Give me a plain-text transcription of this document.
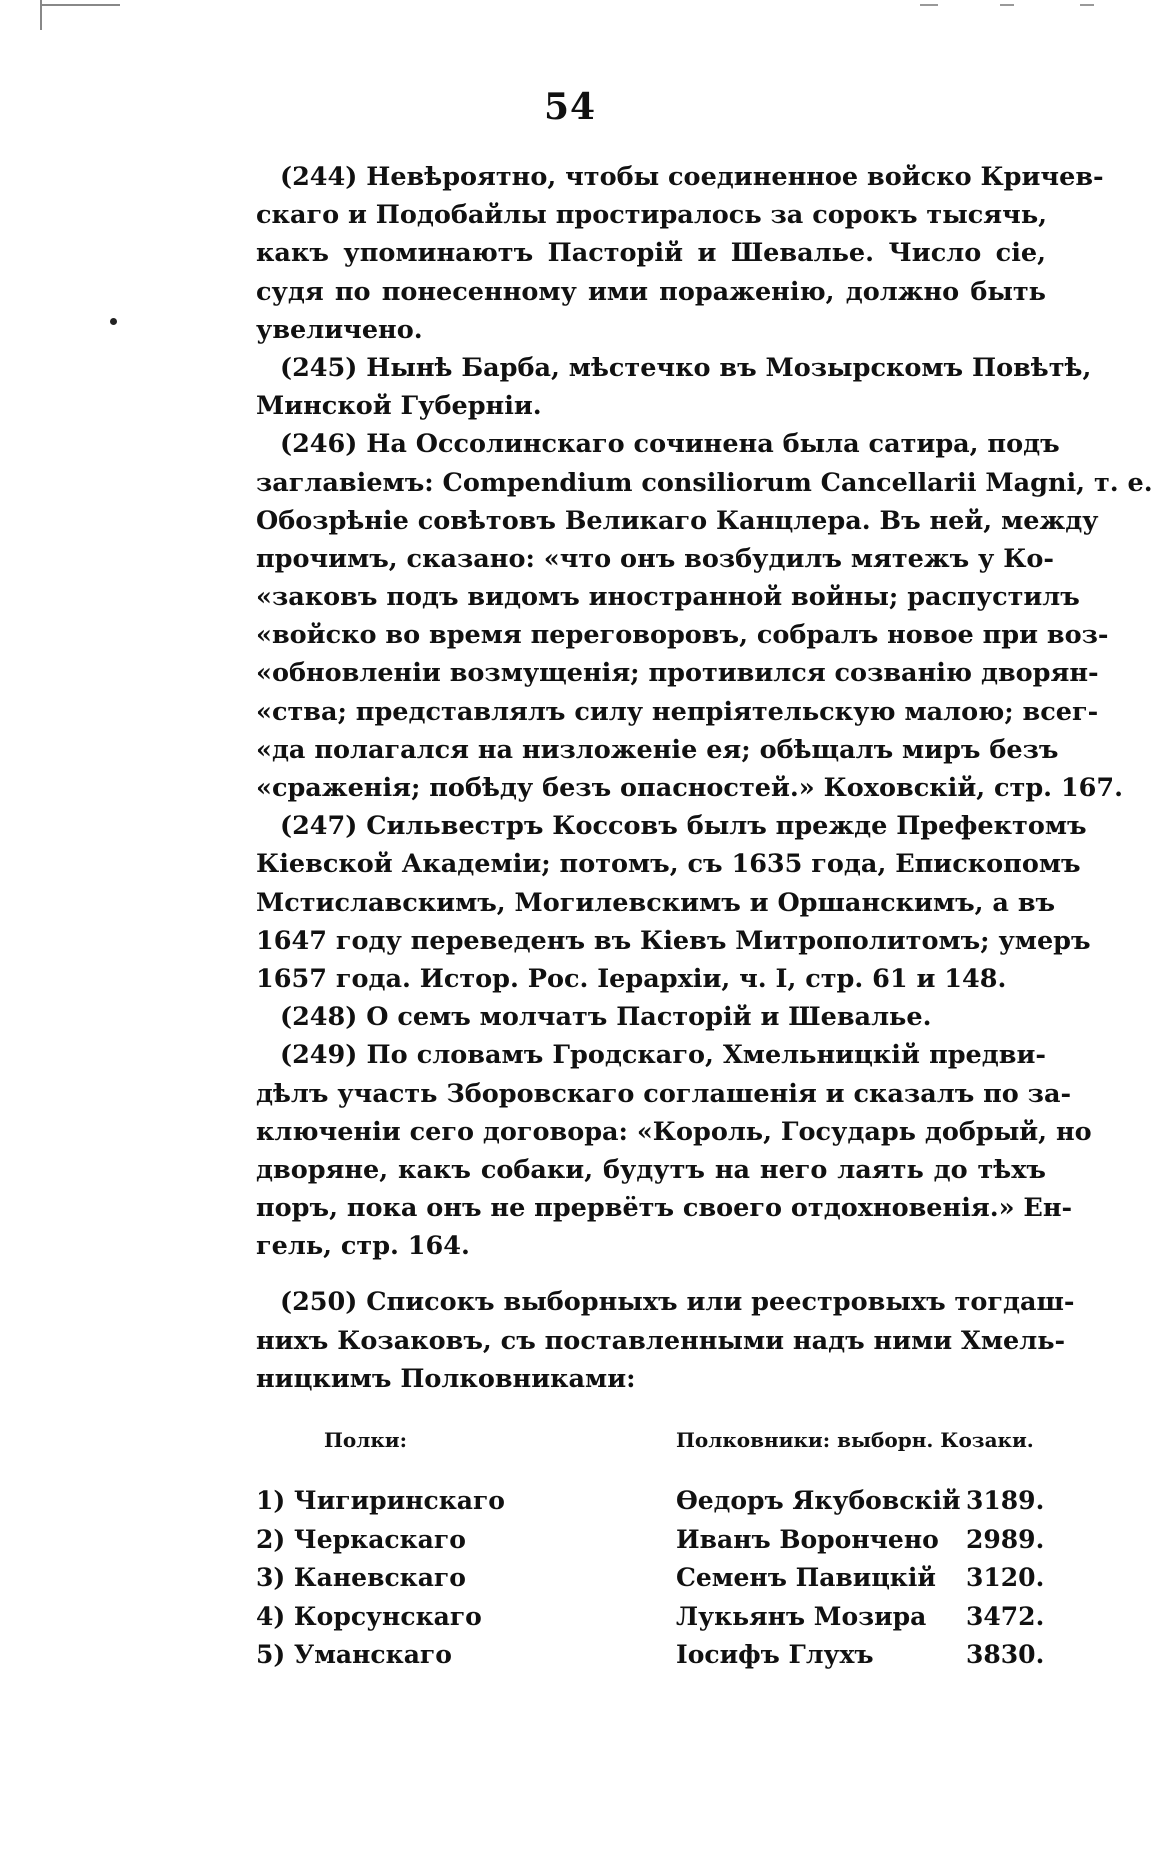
54
(244) Невѣроятно, чтобы соединенное войско Кричев-
скаго и Подобайлы простиралось за сорокъ тысячь,
какъ упоминаютъ Пасторій и Шевалье. Число сіе,
судя по понесенному ими пораженію, должно быть
увеличено.
(245) Нынѣ Барба, мѣстечко въ Мозырскомъ Повѣтѣ,
Минской Губерніи.
(246) На Оссолинскаго сочинена была сатира, подъ
заглавіемъ: Compendium consiliorum Cancellarii Magni, т. е.
Обозрѣніе совѣтовъ Великаго Канцлера. Въ ней, между
прочимъ, сказано: «что онъ возбудилъ мятежъ у Ко-
«заковъ подъ видомъ иностранной войны; распустилъ
«войско во время переговоровъ, собралъ новое при воз-
«обновленіи возмущенія; противился созванію дворян-
«ства; представлялъ силу непріятельскую малою; всег-
«да полагался на низложеніе ея; обѣщалъ миръ безъ
«сраженія; побѣду безъ опасностей.» Коховскій, стр. 167.
(247) Сильвестръ Коссовъ былъ прежде Префектомъ
Кіевской Академіи; потомъ, съ 1635 года, Епископомъ
Мстиславскимъ, Могилевскимъ и Оршанскимъ, а въ
1647 году переведенъ въ Кіевъ Митрополитомъ; умеръ
1657 года. Истор. Рос. Іерархіи, ч. I, стр. 61 и 148.
(248) О семъ молчатъ Пасторій и Шевалье.
(249) По словамъ Гродскаго, Хмельницкій предви-
дѣлъ участь Зборовскаго соглашенія и сказалъ по за-
ключеніи сего договора: «Король, Государь добрый, но
дворяне, какъ собаки, будутъ на него лаять до тѣхъ
поръ, пока онъ не прервётъ своего отдохновенія.» Ен-
гель, стр. 164.
(250) Списокъ выборныхъ или реестровыхъ тогдаш-
нихъ Козаковъ, съ поставленными надъ ними Хмель-
ницкимъ Полковниками:
Полки:	Полковники: выборн. Козаки.
1) Чигиринскаго	Ѳедоръ Якубовскій 3189.
2) Черкаскаго	Иванъ Ворончено	2989.
3) Каневскаго	Семенъ Павицкій	3120.
4) Корсунскаго	Лукьянъ Мозира	3472.
5) Уманскаго	Іосифъ Глухъ	3830.
